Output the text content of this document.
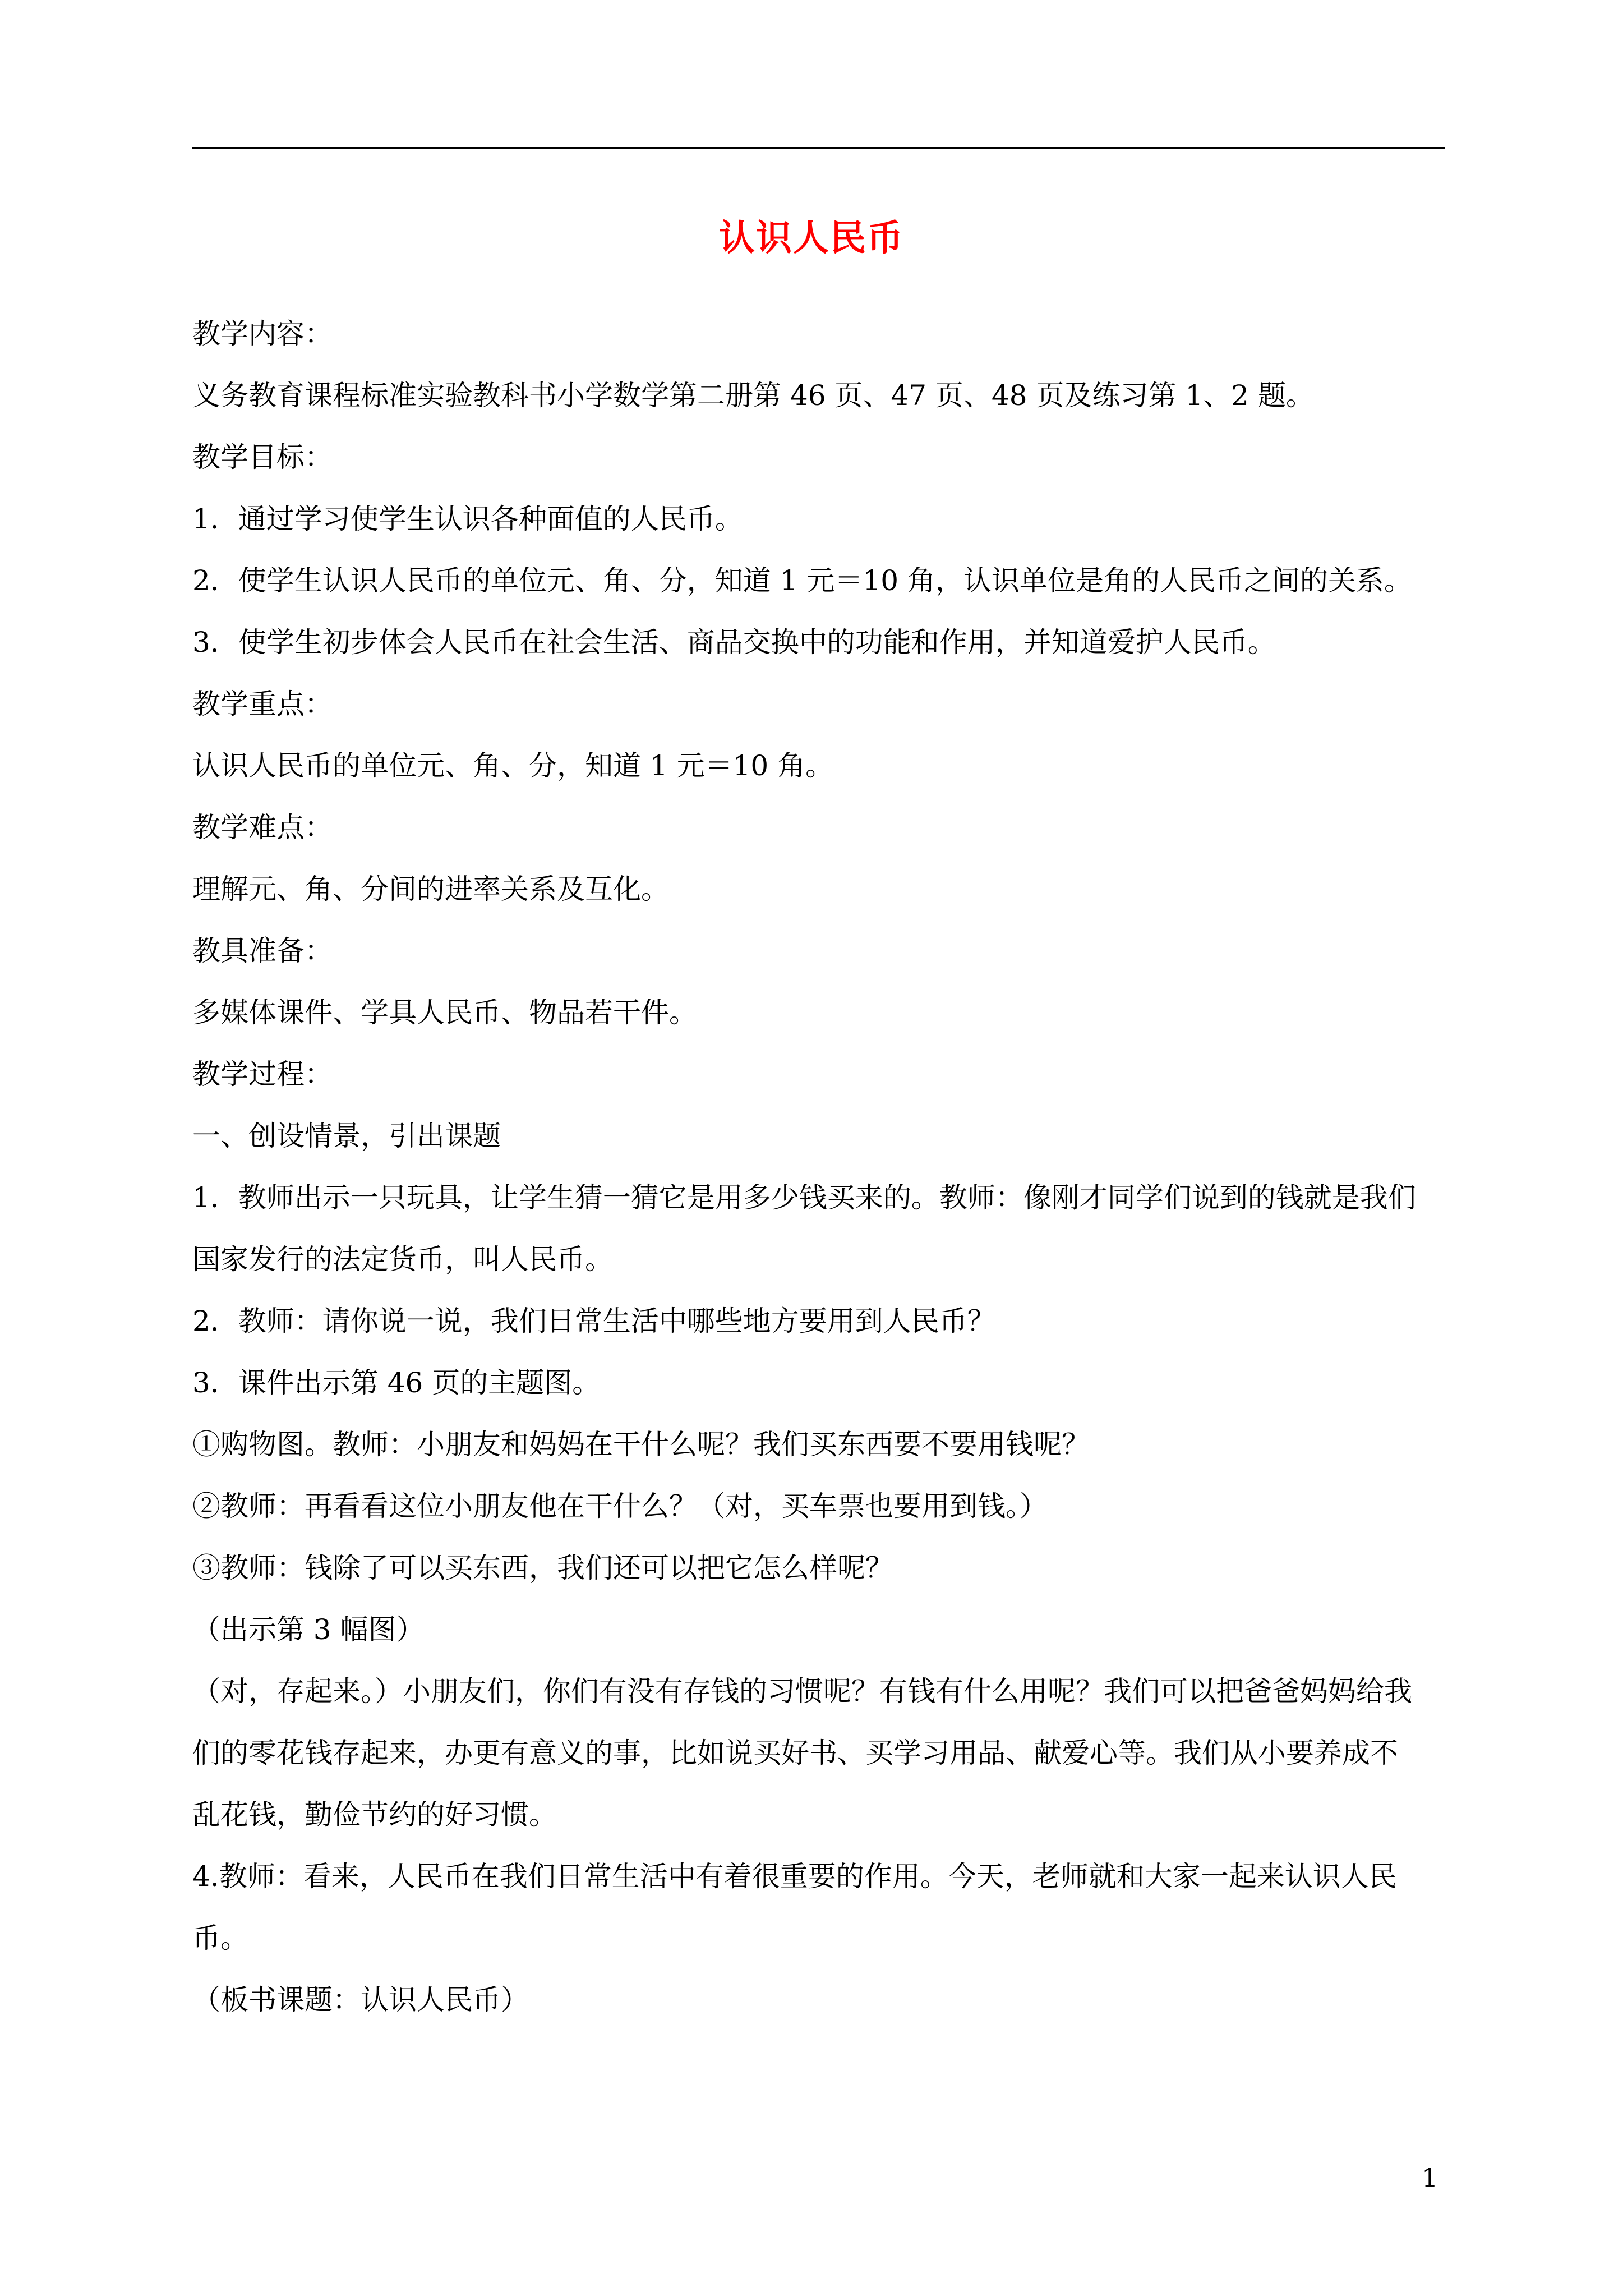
认识人民币

教学内容：

义务教育课程标准实验教科书小学数学第二册第 46 页、47 页、48 页及练习第 1、2 题。

教学目标：

1．通过学习使学生认识各种面值的人民币。

2．使学生认识人民币的单位元、角、分，知道 1 元＝10 角，认识单位是角的人民币之间的关系。

3．使学生初步体会人民币在社会生活、商品交换中的功能和作用，并知道爱护人民币。

教学重点：

认识人民币的单位元、角、分，知道 1 元＝10 角。

教学难点：

理解元、角、分间的进率关系及互化。

教具准备：

多媒体课件、学具人民币、物品若干件。

教学过程：

一、创设情景，引出课题

1．教师出示一只玩具，让学生猜一猜它是用多少钱买来的。教师：像刚才同学们说到的钱就是我们

国家发行的法定货币，叫人民币。

2．教师：请你说一说，我们日常生活中哪些地方要用到人民币？

3．课件出示第 46 页的主题图。

①购物图。教师：小朋友和妈妈在干什么呢？我们买东西要不要用钱呢？

②教师：再看看这位小朋友他在干什么？（对，买车票也要用到钱。）

③教师：钱除了可以买东西，我们还可以把它怎么样呢？

（出示第 3 幅图）

（对，存起来。）小朋友们，你们有没有存钱的习惯呢？有钱有什么用呢？我们可以把爸爸妈妈给我

们的零花钱存起来，办更有意义的事，比如说买好书、买学习用品、献爱心等。我们从小要养成不

乱花钱，勤俭节约的好习惯。

4.教师：看来，人民币在我们日常生活中有着很重要的作用。今天，老师就和大家一起来认识人民

币。

（板书课题：认识人民币）

1
